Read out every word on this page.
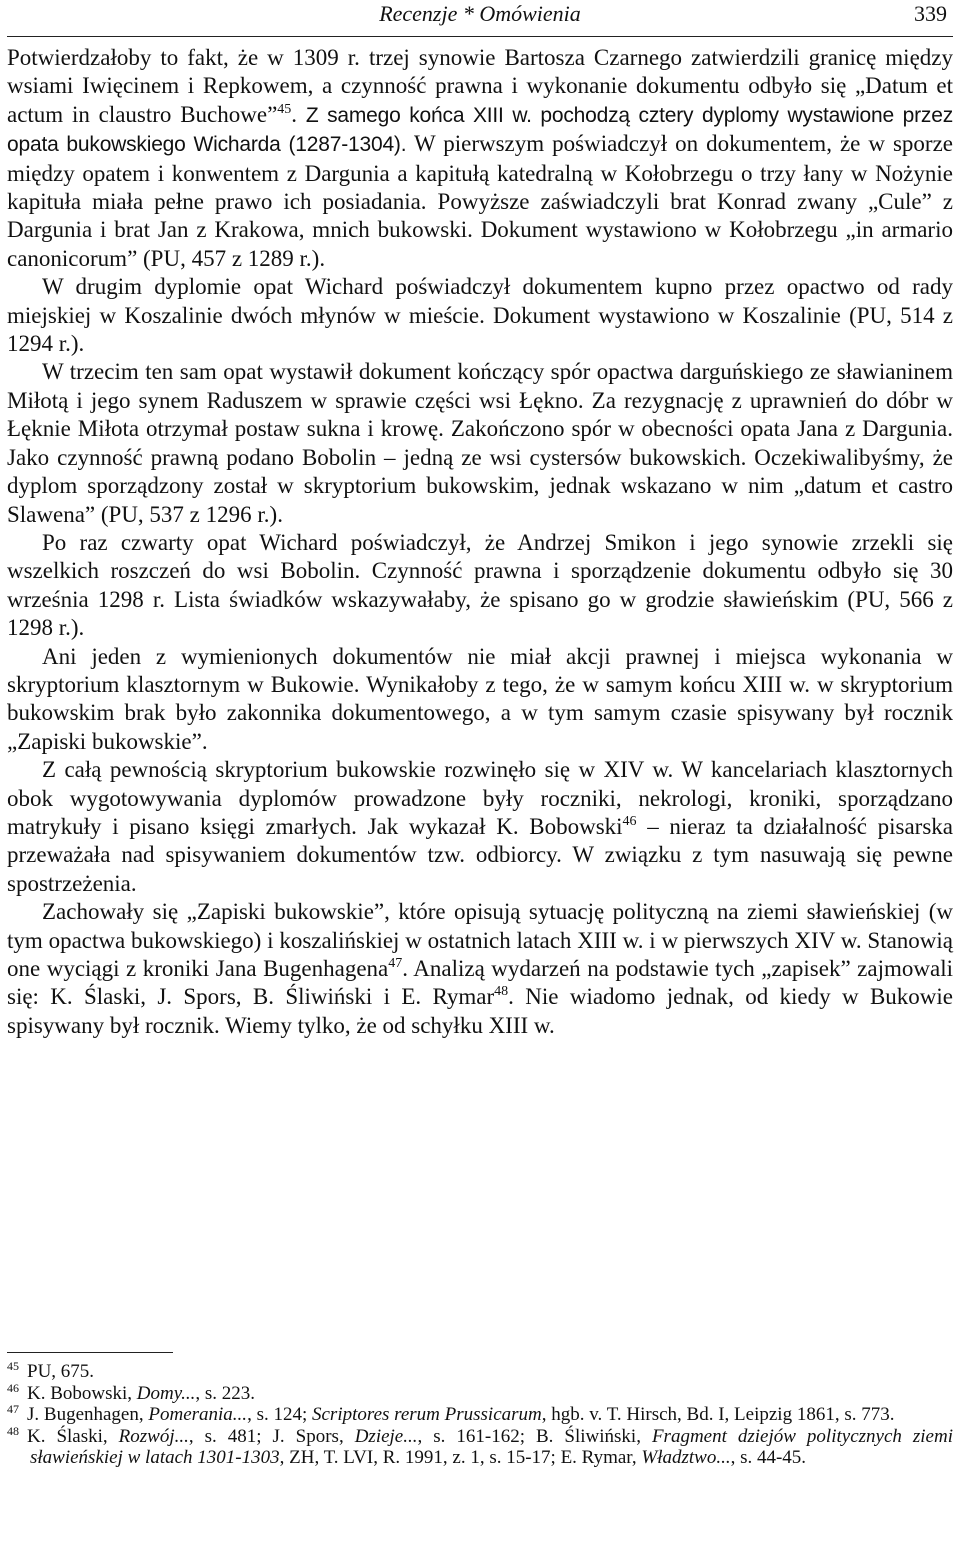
Recenzje * Omówienia	339

Potwierdzałoby to fakt, że w 1309 r. trzej synowie Bartosza Czarnego zatwierdzili granicę między wsiami Iwięcinem i Repkowem, a czynność prawna i wykonanie dokumentu odbyło się „Datum et actum in claustro Buchowe”$^{45}$. Z samego końca XIII w. pochodzą cztery dyplomy wystawione przez opata bukowskiego Wicharda (1287-1304). W pierwszym poświadczył on dokumentem, że w sporze między opatem i konwentem z Dargunia a kapitułą katedralną w Kołobrzegu o trzy łany w Nożynie kapituła miała pełne prawo ich posiadania. Powyższe zaświadczyli brat Konrad zwany „Cule” z Dargunia i brat Jan z Krakowa, mnich bukowski. Dokument wystawiono w Kołobrzegu „in armario canonicorum” (PU, 457 z 1289 r.).

W drugim dyplomie opat Wichard poświadczył dokumentem kupno przez opactwo od rady miejskiej w Koszalinie dwóch młynów w mieście. Dokument wystawiono w Koszalinie (PU, 514 z 1294 r.).

W trzecim ten sam opat wystawił dokument kończący spór opactwa darguńskiego ze sławianinem Miłotą i jego synem Raduszem w sprawie części wsi Łękno. Za rezygnację z uprawnień do dóbr w Łęknie Miłota otrzymał postaw sukna i krowę. Zakończono spór w obecności opata Jana z Dargunia. Jako czynność prawną podano Bobolin – jedną ze wsi cystersów bukowskich. Oczekiwalibyśmy, że dyplom sporządzony został w skryptorium bukowskim, jednak wskazano w nim „datum et castro Slawena” (PU, 537 z 1296 r.).

Po raz czwarty opat Wichard poświadczył, że Andrzej Smikon i jego synowie zrzekli się wszelkich roszczeń do wsi Bobolin. Czynność prawna i sporządzenie dokumentu odbyło się 30 września 1298 r. Lista świadków wskazywałaby, że spisano go w grodzie sławieńskim (PU, 566 z 1298 r.).

Ani jeden z wymienionych dokumentów nie miał akcji prawnej i miejsca wykonania w skryptorium klasztornym w Bukowie. Wynikałoby z tego, że w samym końcu XIII w. w skryptorium bukowskim brak było zakonnika dokumentowego, a w tym samym czasie spisywany był rocznik „Zapiski bukowskie”.

Z całą pewnością skryptorium bukowskie rozwinęło się w XIV w. W kancelariach klasztornych obok wygotowywania dyplomów prowadzone były roczniki, nekrologi, kroniki, sporządzano matrykuły i pisano księgi zmarłych. Jak wykazał K. Bobowski$^{46}$ – nieraz ta działalność pisarska przeważała nad spisywaniem dokumentów tzw. odbiorcy. W związku z tym nasuwają się pewne spostrzeżenia.

Zachowały się „Zapiski bukowskie”, które opisują sytuację polityczną na ziemi sławieńskiej (w tym opactwa bukowskiego) i koszalińskiej w ostatnich latach XIII w. i w pierwszych XIV w. Stanowią one wyciągi z kroniki Jana Bugenhagena$^{47}$. Analizą wydarzeń na podstawie tych „zapisek” zajmowali się: K. Ślaski, J. Spors, B. Śliwiński i E. Rymar$^{48}$. Nie wiadomo jednak, od kiedy w Bukowie spisywany był rocznik. Wiemy tylko, że od schyłku XIII w.

$^{45}$ PU, 675.

$^{46}$ K. Bobowski, Domy..., s. 223.

$^{47}$ J. Bugenhagen, Pomerania..., s. 124; Scriptores rerum Prussicarum, hgb. v. T. Hirsch, Bd. I, Leipzig 1861, s. 773.

$^{48}$ K. Ślaski, Rozwój..., s. 481; J. Spors, Dzieje..., s. 161-162; B. Śliwiński, Fragment dziejów politycznych ziemi sławieńskiej w latach 1301-1303, ZH, T. LVI, R. 1991, z. 1, s. 15-17; E. Rymar, Władztwo..., s. 44-45.
